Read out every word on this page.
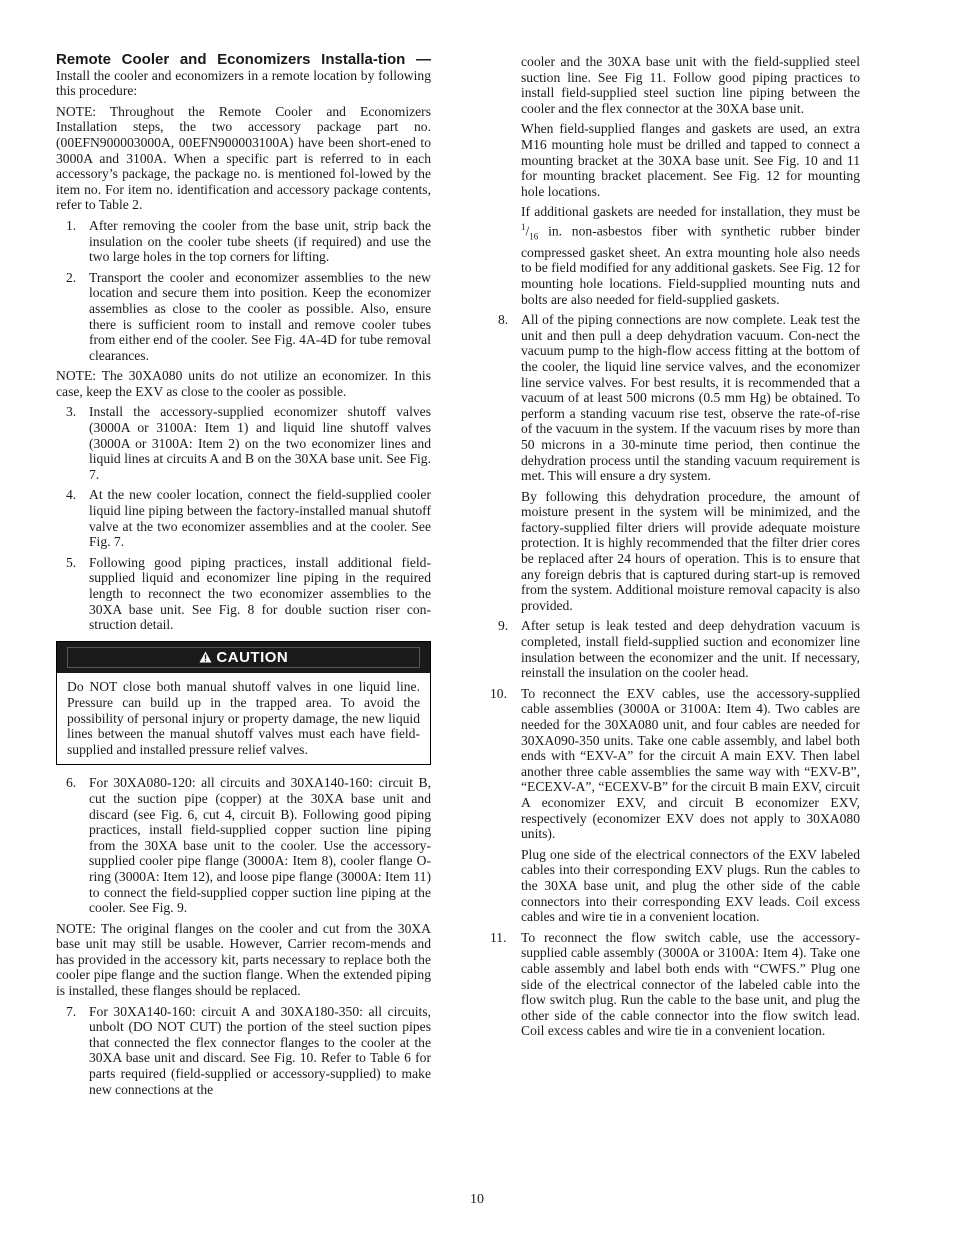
Remote Cooler and Economizers Installa-tion — Install the cooler and economizers in a remote location by following this procedure:

NOTE: Throughout the Remote Cooler and Economizers Installation steps, the two accessory package part no. (00EFN900003000A, 00EFN900003100A) have been short-ened to 3000A and 3100A. When a specific part is referred to in each accessory’s package, the package no. is mentioned fol-lowed by the item no. For item no. identification and accessory package contents, refer to Table 2.

1. After removing the cooler from the base unit, strip back the insulation on the cooler tube sheets (if required) and use the two large holes in the top corners for lifting.
2. Transport the cooler and economizer assemblies to the new location and secure them into position. Keep the economizer assemblies as close to the cooler as possible. Also, ensure there is sufficient room to install and remove cooler tubes from either end of the cooler. See Fig. 4A-4D for tube removal clearances.

NOTE: The 30XA080 units do not utilize an economizer. In this case, keep the EXV as close to the cooler as possible.

3. Install the accessory-supplied economizer shutoff valves (3000A or 3100A: Item 1) and liquid line shutoff valves (3000A or 3100A: Item 2) on the two economizer lines and liquid lines at circuits A and B on the 30XA base unit. See Fig. 7.
4. At the new cooler location, connect the field-supplied cooler liquid line piping between the factory-installed manual shutoff valve at the two economizer assemblies and at the cooler. See Fig. 7.
5. Following good piping practices, install additional field-supplied liquid and economizer line piping in the required length to reconnect the two economizer assemblies to the 30XA base unit. See Fig. 8 for double suction riser con-struction detail.
CAUTION
Do NOT close both manual shutoff valves in one liquid line. Pressure can build up in the trapped area. To avoid the possibility of personal injury or property damage, the new liquid lines between the manual shutoff valves must each have field-supplied and installed pressure relief valves.
6. For 30XA080-120: all circuits and 30XA140-160: circuit B, cut the suction pipe (copper) at the 30XA base unit and discard (see Fig. 6, cut 4, circuit B). Following good piping practices, install field-supplied copper suction line piping from the 30XA base unit to the cooler. Use the accessory-supplied cooler pipe flange (3000A: Item 8), cooler flange O-ring (3000A: Item 12), and loose pipe flange (3000A: Item 11) to connect the field-supplied copper suction line piping at the cooler. See Fig. 9.

NOTE: The original flanges on the cooler and cut from the 30XA base unit may still be usable. However, Carrier recom-mends and has provided in the accessory kit, parts necessary to replace both the cooler pipe flange and the suction flange. When the extended piping is installed, these flanges should be replaced.

7. For 30XA140-160: circuit A and 30XA180-350: all circuits, unbolt (DO NOT CUT) the portion of the steel suction pipes that connected the flex connector flanges to the cooler at the 30XA base unit and discard. See Fig. 10. Refer to Table 6 for parts required (field-supplied or accessory-supplied) to make new connections at the
cooler and the 30XA base unit with the field-supplied steel suction line. See Fig 11. Follow good piping practices to install field-supplied steel suction line piping between the cooler and the flex connector at the 30XA base unit.
When field-supplied flanges and gaskets are used, an extra M16 mounting hole must be drilled and tapped to connect a mounting bracket at the 30XA base unit. See Fig. 10 and 11 for mounting bracket placement. See Fig. 12 for mounting hole locations.
If additional gaskets are needed for installation, they must be $^1/_{16}$ in. non-asbestos fiber with synthetic rubber binder compressed gasket sheet. An extra mounting hole also needs to be field modified for any additional gaskets. See Fig. 12 for mounting hole locations. Field-supplied mounting nuts and bolts are also needed for field-supplied gaskets.
8. All of the piping connections are now complete. Leak test the unit and then pull a deep dehydration vacuum. Con-nect the vacuum pump to the high-flow access fitting at the bottom of the cooler, the liquid line service valves, and the economizer line service valves. For best results, it is recommended that a vacuum of at least 500 microns (0.5 mm Hg) be obtained. To perform a standing vacuum rise test, observe the rate-of-rise of the vacuum in the system. If the vacuum rises by more than 50 microns in a 30-minute time period, then continue the dehydration process until the standing vacuum requirement is met. This will ensure a dry system.
By following this dehydration procedure, the amount of moisture present in the system will be minimized, and the factory-supplied filter driers will provide adequate moisture protection. It is highly recommended that the filter drier cores be replaced after 24 hours of operation. This is to ensure that any foreign debris that is captured during start-up is removed from the system. Additional moisture removal capacity is also provided.
9. After setup is leak tested and deep dehydration vacuum is completed, install field-supplied suction and economizer line insulation between the economizer and the unit. If necessary, reinstall the insulation on the cooler head.
10. To reconnect the EXV cables, use the accessory-supplied cable assemblies (3000A or 3100A: Item 4). Two cables are needed for the 30XA080 unit, and four cables are needed for 30XA090-350 units. Take one cable assembly, and label both ends with “EXV-A” for the circuit A main EXV. Then label another three cable assemblies the same way with “EXV-B”, “ECEXV-A”, “ECEXV-B” for the circuit B main EXV, circuit A economizer EXV, and circuit B economizer EXV, respectively (economizer EXV does not apply to 30XA080 units).
Plug one side of the electrical connectors of the EXV labeled cables into their corresponding EXV plugs. Run the cables to the 30XA base unit, and plug the other side of the cable connectors into their corresponding EXV leads. Coil excess cables and wire tie in a convenient location.
11. To reconnect the flow switch cable, use the accessory-supplied cable assembly (3000A or 3100A: Item 4). Take one cable assembly and label both ends with “CWFS.” Plug one side of the electrical connector of the labeled cable into the flow switch plug. Run the cable to the base unit, and plug the other side of the cable connector into the flow switch lead. Coil excess cables and wire tie in a convenient location.
10
